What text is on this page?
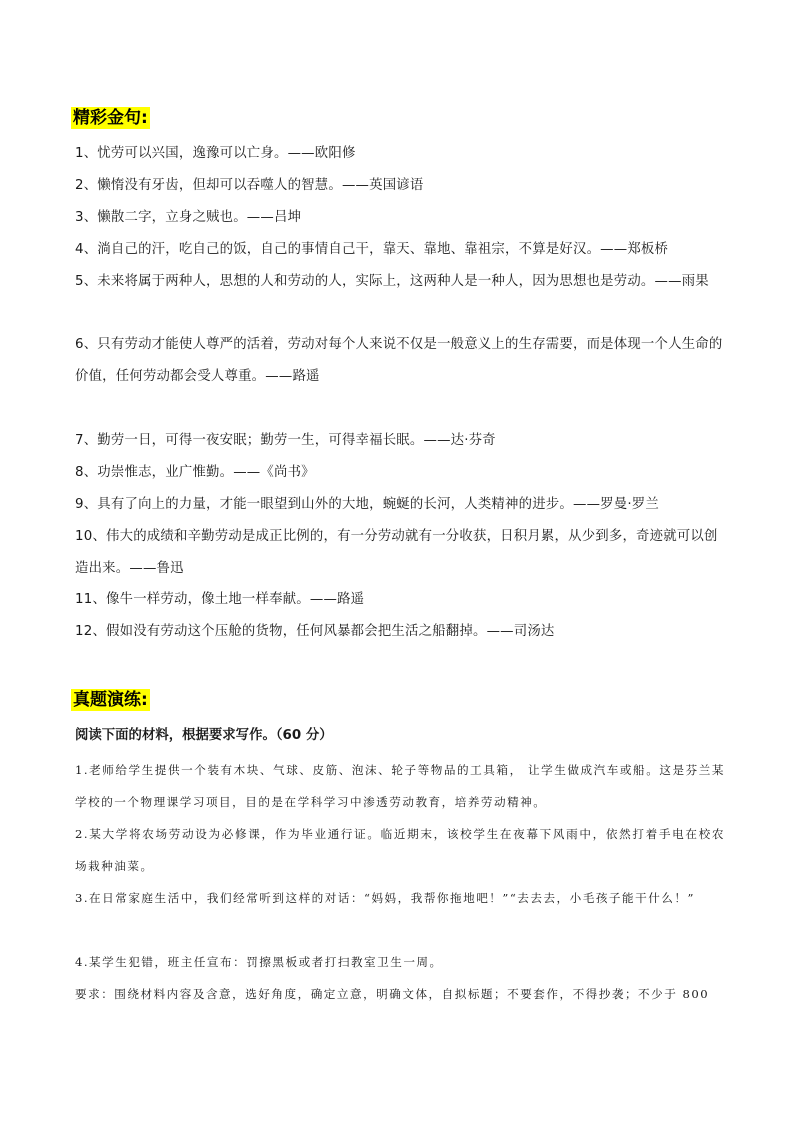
精彩金句:
1、忧劳可以兴国，逸豫可以亡身。——欧阳修
2、懒惰没有牙齿，但却可以吞噬人的智慧。——英国谚语
3、懒散二字，立身之贼也。——吕坤
4、淌自己的汗，吃自己的饭，自己的事情自己干，靠天、靠地、靠祖宗，不算是好汉。——郑板桥
5、未来将属于两种人，思想的人和劳动的人，实际上，这两种人是一种人，因为思想也是劳动。——雨果
6、只有劳动才能使人尊严的活着，劳动对每个人来说不仅是一般意义上的生存需要，而是体现一个人生命的价值，任何劳动都会受人尊重。——路遥
7、勤劳一日，可得一夜安眠；勤劳一生，可得幸福长眠。——达·芬奇
8、功崇惟志，业广惟勤。——《尚书》
9、具有了向上的力量，才能一眼望到山外的大地，蜿蜒的长河，人类精神的进步。——罗曼·罗兰
10、伟大的成绩和辛勤劳动是成正比例的，有一分劳动就有一分收获，日积月累，从少到多，奇迹就可以创造出来。——鲁迅
11、像牛一样劳动，像土地一样奉献。——路遥
12、假如没有劳动这个压舱的货物，任何风暴都会把生活之船翻掉。——司汤达
真题演练:
阅读下面的材料，根据要求写作。（60 分）
1.老师给学生提供一个装有木块、气球、皮筋、泡沫、轮子等物品的工具箱， 让学生做成汽车或船。这是芬兰某学校的一个物理课学习项目，目的是在学科学习中渗透劳动教育，培养劳动精神。
2.某大学将农场劳动设为必修课，作为毕业通行证。临近期末，该校学生在夜幕下风雨中，依然打着手电在校农场栽种油菜。
3.在日常家庭生活中，我们经常听到这样的对话：“妈妈，我帮你拖地吧！”“去去去，小毛孩子能干什么！”
4.某学生犯错，班主任宣布：罚擦黑板或者打扫教室卫生一周。
要求：围绕材料内容及含意，选好角度，确定立意，明确文体，自拟标题；不要套作，不得抄袭；不少于 800
